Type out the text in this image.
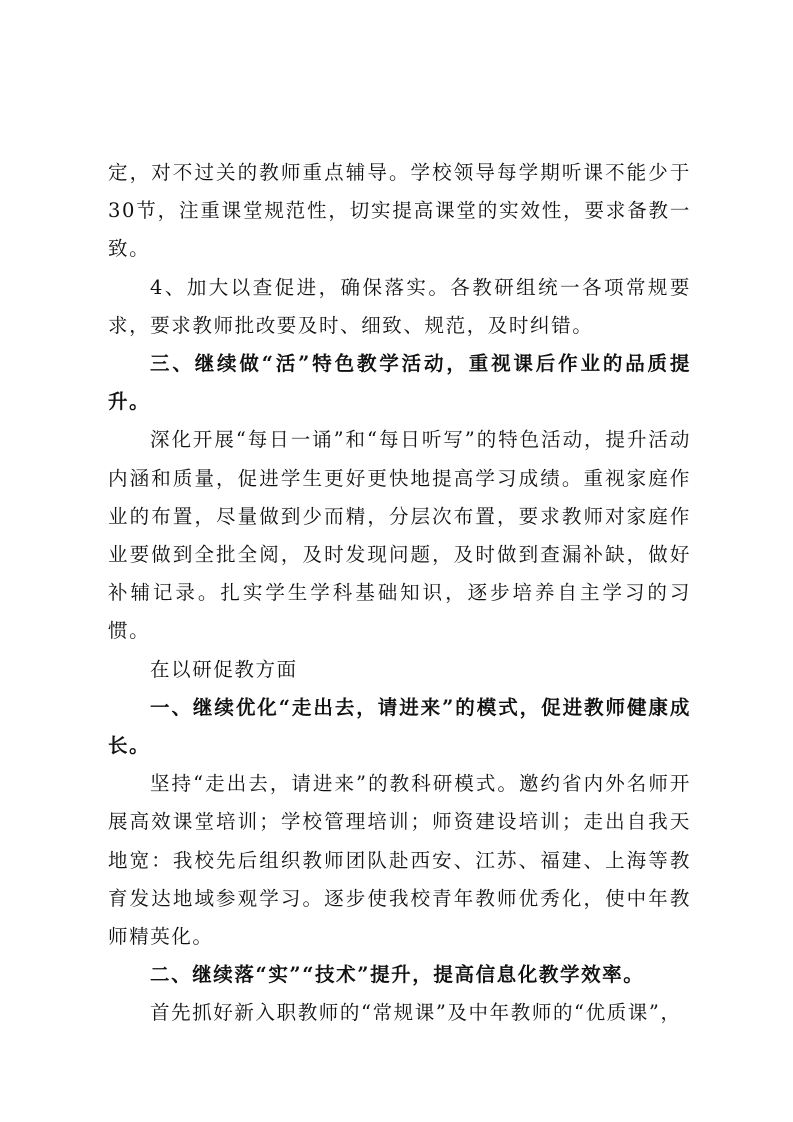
定，对不过关的教师重点辅导。学校领导每学期听课不能少于30节，注重课堂规范性，切实提高课堂的实效性，要求备教一致。

4、加大以查促进，确保落实。各教研组统一各项常规要求，要求教师批改要及时、细致、规范，及时纠错。

三、继续做“活”特色教学活动，重视课后作业的品质提升。

深化开展“每日一诵”和“每日听写”的特色活动，提升活动内涵和质量，促进学生更好更快地提高学习成绩。重视家庭作业的布置，尽量做到少而精，分层次布置，要求教师对家庭作业要做到全批全阅，及时发现问题，及时做到查漏补缺，做好补辅记录。扎实学生学科基础知识，逐步培养自主学习的习惯。

在以研促教方面

一、继续优化“走出去，请进来”的模式，促进教师健康成长。

坚持“走出去，请进来”的教科研模式。邀约省内外名师开展高效课堂培训；学校管理培训；师资建设培训；走出自我天地宽：我校先后组织教师团队赴西安、江苏、福建、上海等教育发达地域参观学习。逐步使我校青年教师优秀化，使中年教师精英化。

二、继续落“实”“技术”提升，提高信息化教学效率。

首先抓好新入职教师的“常规课”及中年教师的“优质课”，
